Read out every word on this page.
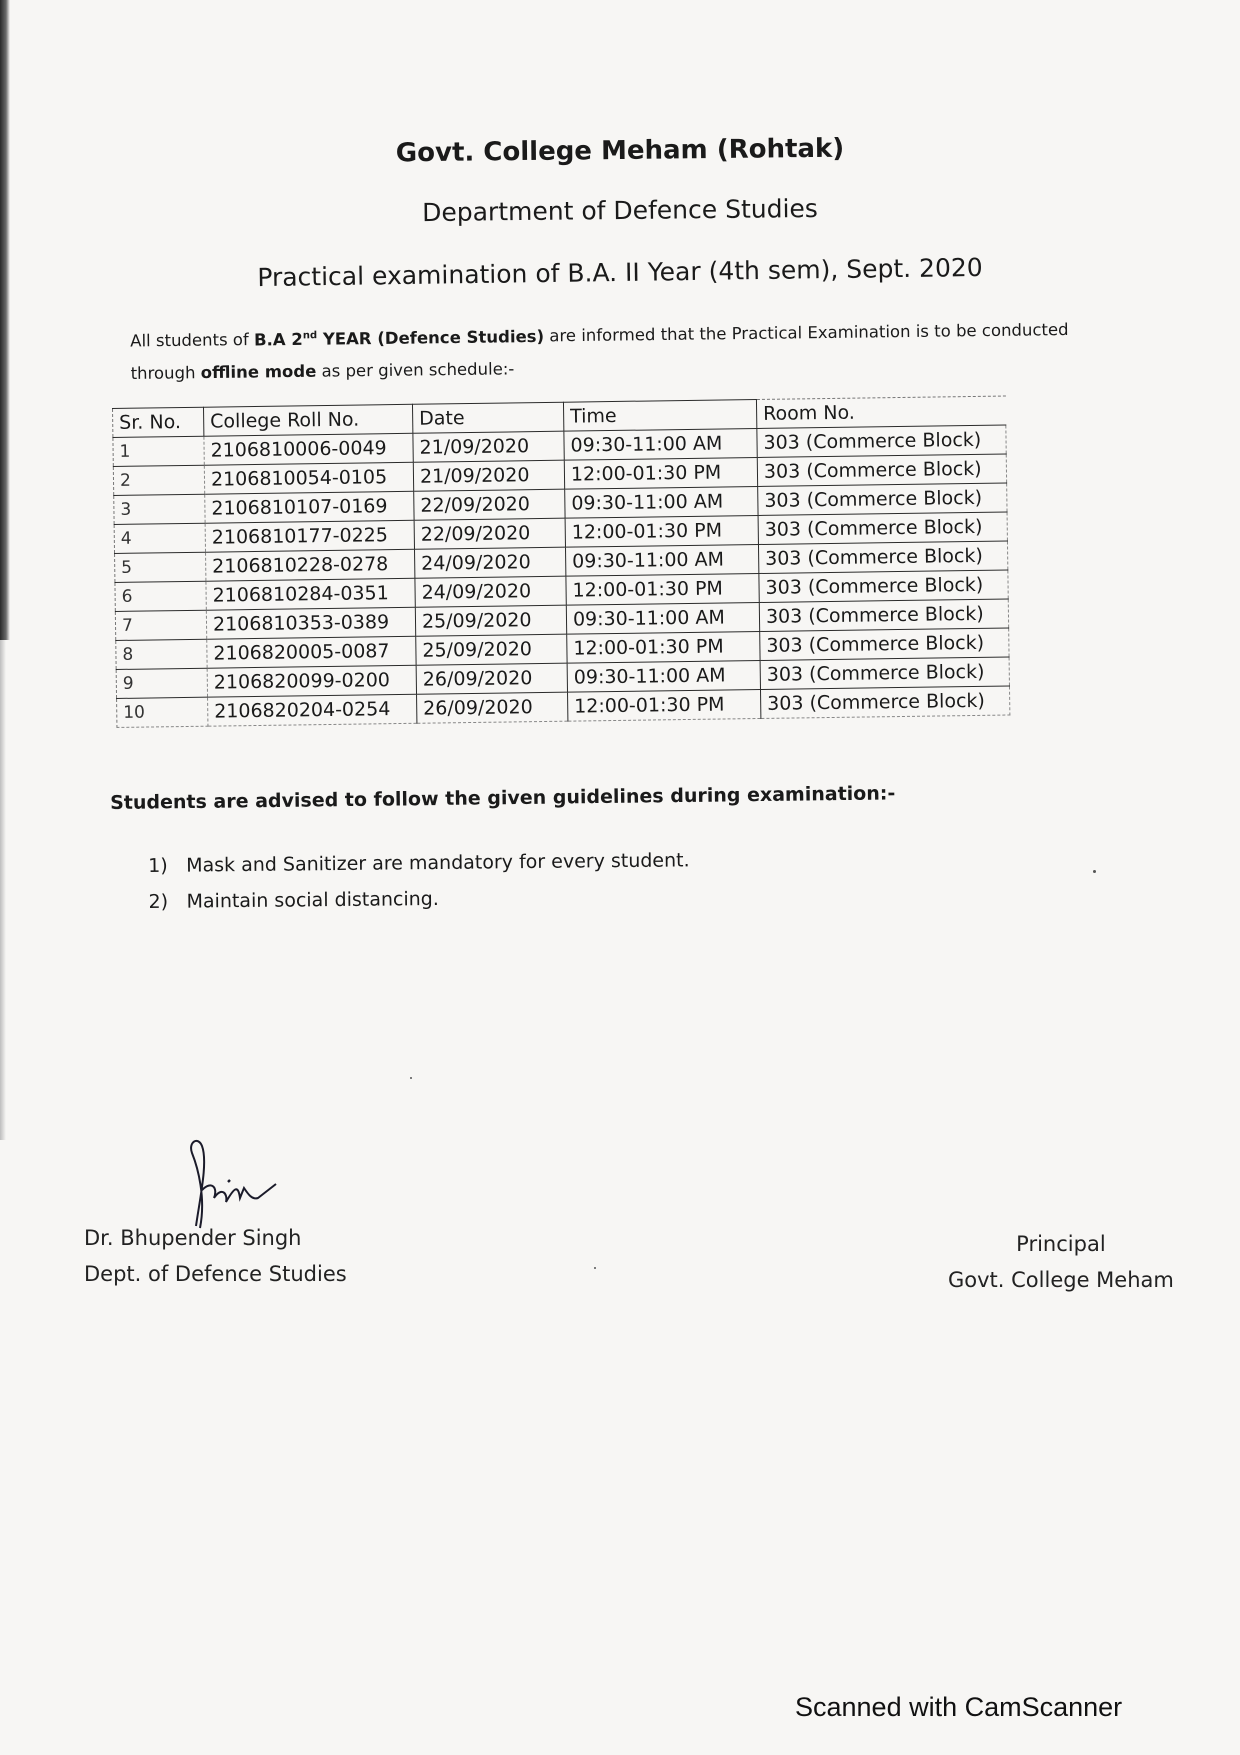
Govt. College Meham (Rohtak)
Department of Defence Studies
Practical examination of B.A. II Year (4th sem), Sept. 2020
All students of B.A 2nd YEAR (Defence Studies) are informed that the Practical Examination is to be conducted through offline mode as per given schedule:-
Sr. No.	College Roll No.	Date	Time	Room No.
1	2106810006-0049	21/09/2020	09:30-11:00 AM	303 (Commerce Block)
2	2106810054-0105	21/09/2020	12:00-01:30 PM	303 (Commerce Block)
3	2106810107-0169	22/09/2020	09:30-11:00 AM	303 (Commerce Block)
4	2106810177-0225	22/09/2020	12:00-01:30 PM	303 (Commerce Block)
5	2106810228-0278	24/09/2020	09:30-11:00 AM	303 (Commerce Block)
6	2106810284-0351	24/09/2020	12:00-01:30 PM	303 (Commerce Block)
7	2106810353-0389	25/09/2020	09:30-11:00 AM	303 (Commerce Block)
8	2106820005-0087	25/09/2020	12:00-01:30 PM	303 (Commerce Block)
9	2106820099-0200	26/09/2020	09:30-11:00 AM	303 (Commerce Block)
10	2106820204-0254	26/09/2020	12:00-01:30 PM	303 (Commerce Block)
Students are advised to follow the given guidelines during examination:-
1) Mask and Sanitizer are mandatory for every student.
2) Maintain social distancing.
Dr. Bhupender Singh
Dept. of Defence Studies
Principal
Govt. College Meham
Scanned with CamScanner
